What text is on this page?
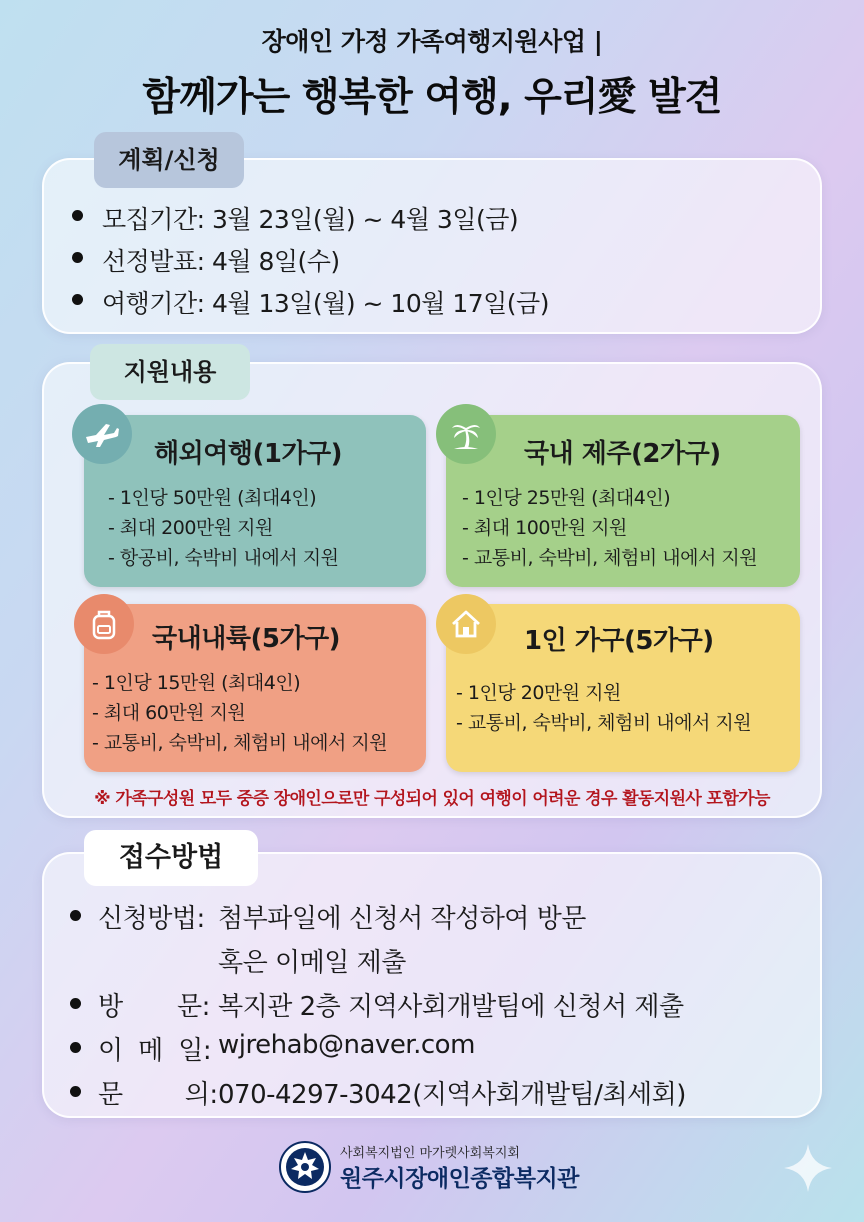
장애인 가정 가족여행지원사업 |
함께가는 행복한 여행, 우리愛 발견
계획/신청
모집기간: 3월 23일(월) ~ 4월 3일(금)
선정발표: 4월 8일(수)
여행기간: 4월 13일(월) ~ 10월 17일(금)
지원내용
해외여행(1가구)
- 1인당 50만원 (최대4인)
- 최대 200만원 지원
- 항공비, 숙박비 내에서 지원
국내 제주(2가구)
- 1인당 25만원 (최대4인)
- 최대 100만원 지원
- 교통비, 숙박비, 체험비 내에서 지원
국내내륙(5가구)
- 1인당 15만원 (최대4인)
- 최대 60만원 지원
- 교통비, 숙박비, 체험비 내에서 지원
1인 가구(5가구)
- 1인당 20만원 지원
- 교통비, 숙박비, 체험비 내에서 지원
※ 가족구성원 모두 중증 장애인으로만 구성되어 있어 여행이 어려운 경우 활동지원사 포함가능
접수방법
신청방법: 첨부파일에 신청서 작성하여 방문
혹은 이메일 제출
방       문: 복지관 2층 지역사회개발팀에 신청서 제출
이  메  일: wjrehab@naver.com
문        의: 070-4297-3042(지역사회개발팀/최세회)
사회복지법인 마가렛사회복지회
원주시장애인종합복지관
